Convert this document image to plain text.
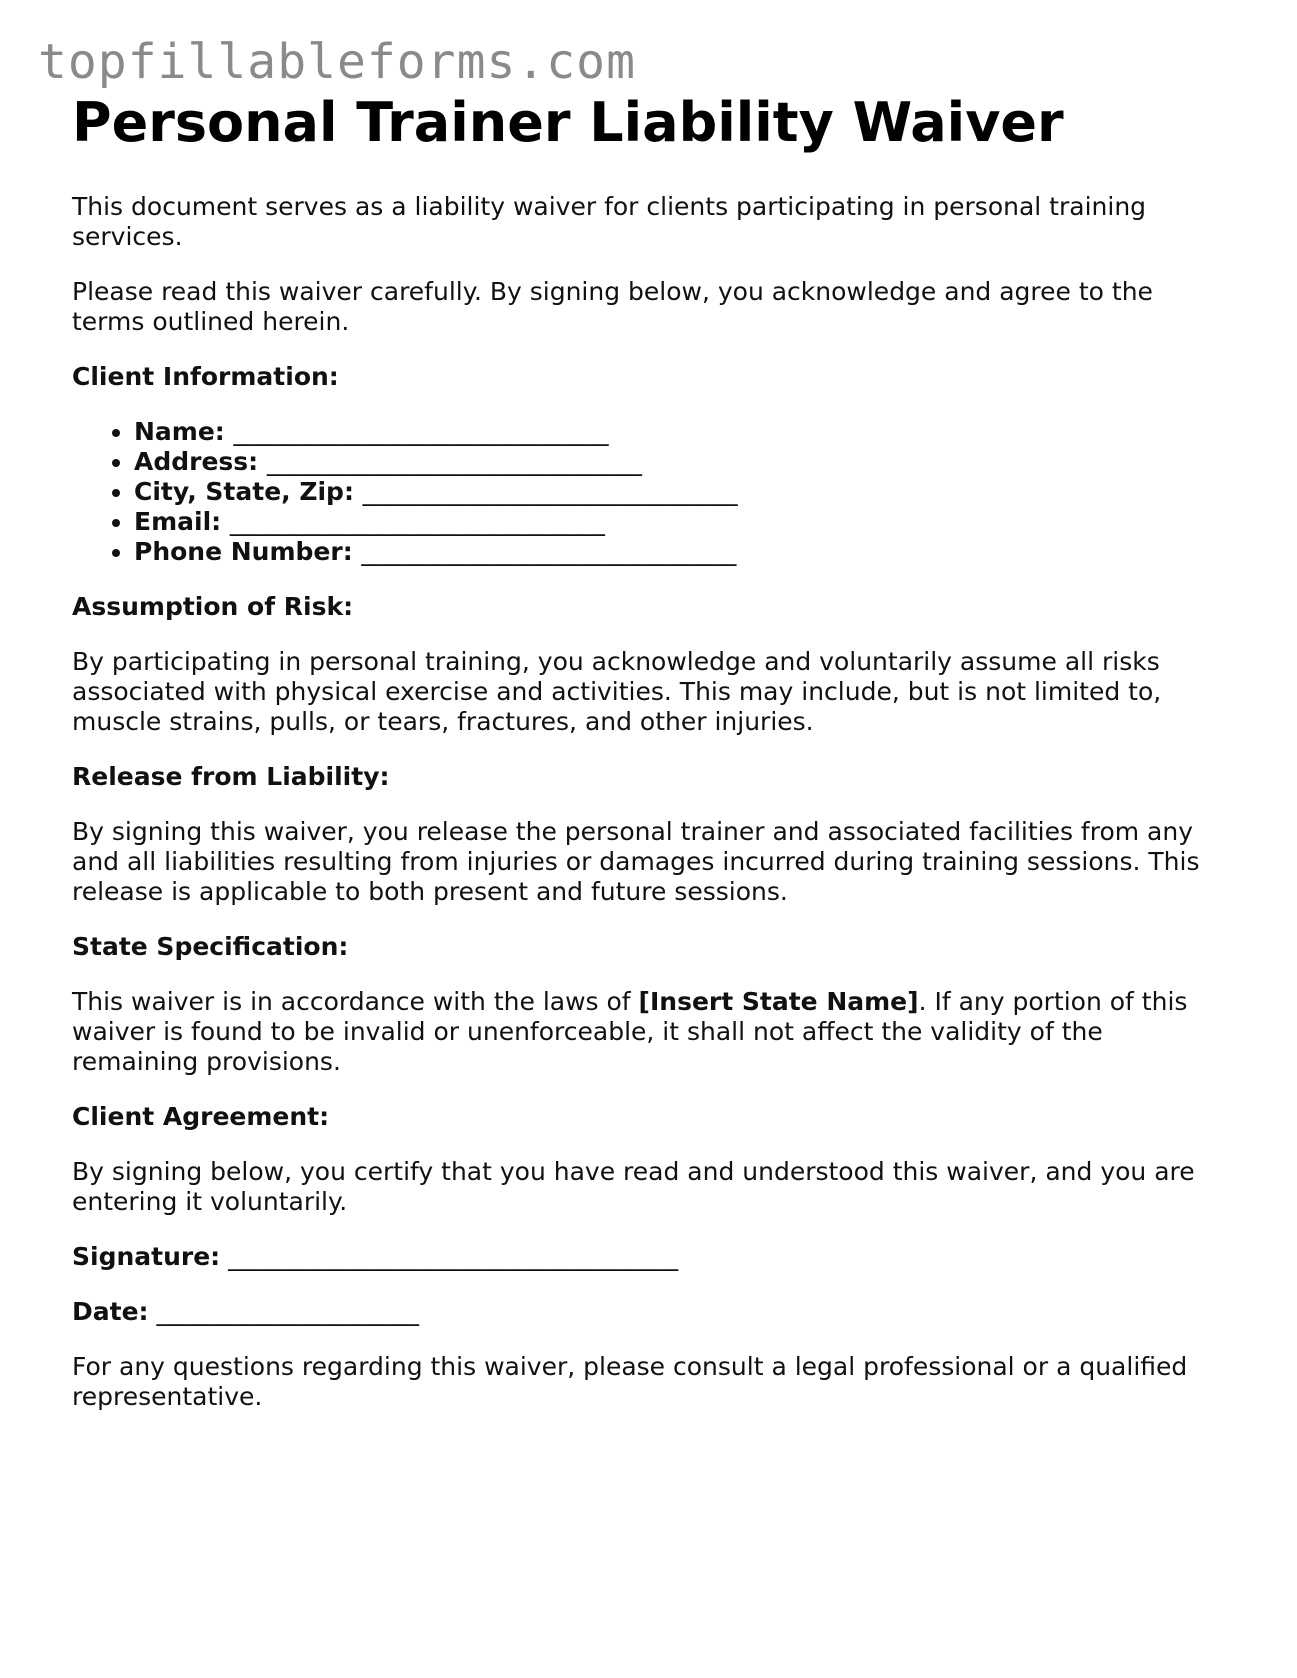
topfillableforms.com
Personal Trainer Liability Waiver

This document serves as a liability waiver for clients participating in personal training services.

Please read this waiver carefully. By signing below, you acknowledge and agree to the terms outlined herein.

Client Information:

• Name: ______________________________
• Address: ______________________________
• City, State, Zip: ______________________________
• Email: ______________________________
• Phone Number: ______________________________

Assumption of Risk:

By participating in personal training, you acknowledge and voluntarily assume all risks associated with physical exercise and activities. This may include, but is not limited to, muscle strains, pulls, or tears, fractures, and other injuries.

Release from Liability:

By signing this waiver, you release the personal trainer and associated facilities from any and all liabilities resulting from injuries or damages incurred during training sessions. This release is applicable to both present and future sessions.

State Specification:

This waiver is in accordance with the laws of [Insert State Name]. If any portion of this waiver is found to be invalid or unenforceable, it shall not affect the validity of the remaining provisions.

Client Agreement:

By signing below, you certify that you have read and understood this waiver, and you are entering it voluntarily.

Signature: ____________________________________

Date: _____________________

For any questions regarding this waiver, please consult a legal professional or a qualified representative.
